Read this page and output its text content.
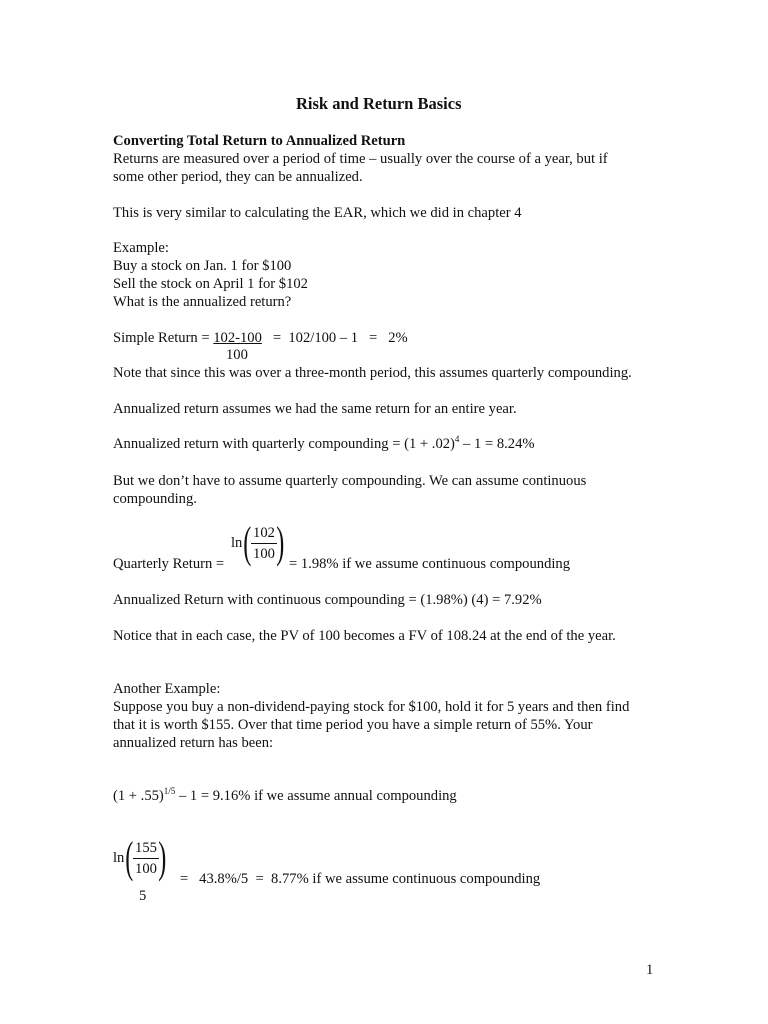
Risk and Return Basics
Converting Total Return to Annualized Return
Returns are measured over a period of time – usually over the course of a year, but if
some other period, they can be annualized.
This is very similar to calculating the EAR, which we did in chapter 4
Example:
Buy a stock on Jan. 1 for $100
Sell the stock on April 1 for $102
What is the annualized return?
Simple Return = 102-100   =  102/100 – 1   =   2%
100
Note that since this was over a three-month period, this assumes quarterly compounding.
Annualized return assumes we had the same return for an entire year.
Annualized return with quarterly compounding = $(1 + .02)^4 - 1 = 8.24\%$
But we don’t have to assume quarterly compounding. We can assume continuous
compounding.
Quarterly Return =
ln ( $\frac{102}{100}$ ) = 1.98% if we assume continuous compounding
Annualized Return with continuous compounding = (1.98%) (4) = 7.92%
Notice that in each case, the PV of 100 becomes a FV of 108.24 at the end of the year.
Another Example:
Suppose you buy a non-dividend-paying stock for $100, hold it for 5 years and then find
that it is worth $155. Over that time period you have a simple return of 55%. Your
annualized return has been:
$(1 + .55)^{1/5} - 1 = 9.16\%$ if we assume annual compounding
ln ( $\frac{155}{100}$ ) =   43.8%/5  =  8.77% if we assume continuous compounding
5
1
